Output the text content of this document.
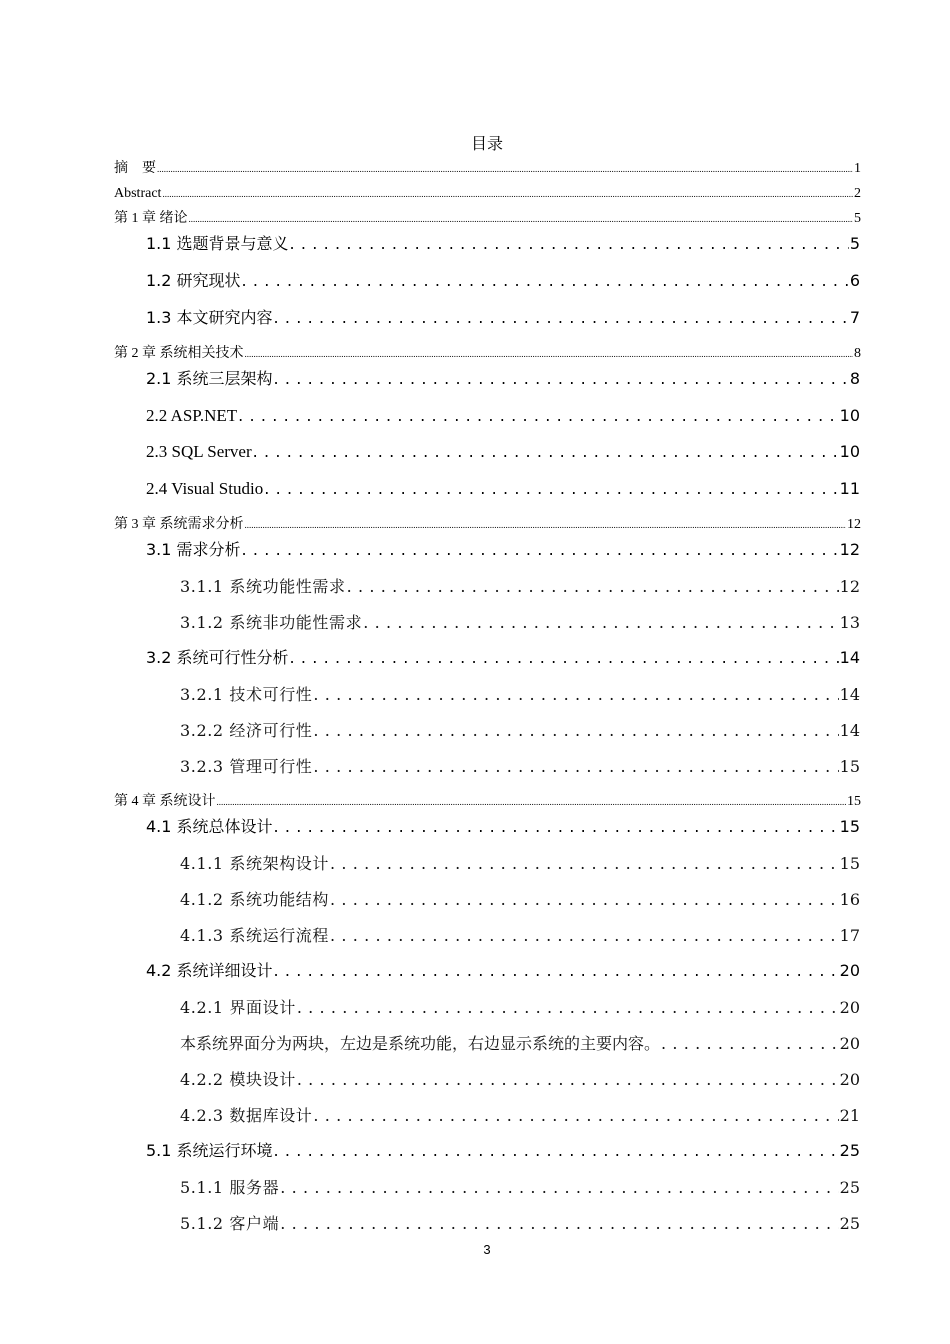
目录
摘　要 .....	1
Abstract .....	2
第 1 章 绪论 .....	5
1.1 选题背景与意义 . . .	5
1.2 研究现状 . . .	6
1.3 本文研究内容 . . .	7
第 2 章 系统相关技术 .....	8
2.1 系统三层架构 . . .	8
2.2 ASP.NET . . .	10
2.3 SQL Server . . .	10
2.4 Visual Studio . . .	11
第 3 章 系统需求分析 .....	12
3.1 需求分析 . . .	12
3.1.1 系统功能性需求 . . .	12
3.1.2 系统非功能性需求 . . .	13
3.2 系统可行性分析 . . .	14
3.2.1 技术可行性 . . .	14
3.2.2 经济可行性 . . .	14
3.2.3 管理可行性 . . .	15
第 4 章 系统设计 .....	15
4.1 系统总体设计 . . .	15
4.1.1 系统架构设计 . . .	15
4.1.2 系统功能结构 . . .	16
4.1.3 系统运行流程 . . .	17
4.2 系统详细设计 . . .	20
4.2.1 界面设计 . . .	20
本系统界面分为两块，左边是系统功能，右边显示系统的主要内容。 . . .	20
4.2.2 模块设计 . . .	20
4.2.3 数据库设计 . . .	21
5.1 系统运行环境 . . .	25
5.1.1 服务器 . . .	25
5.1.2 客户端 . . .	25
3
